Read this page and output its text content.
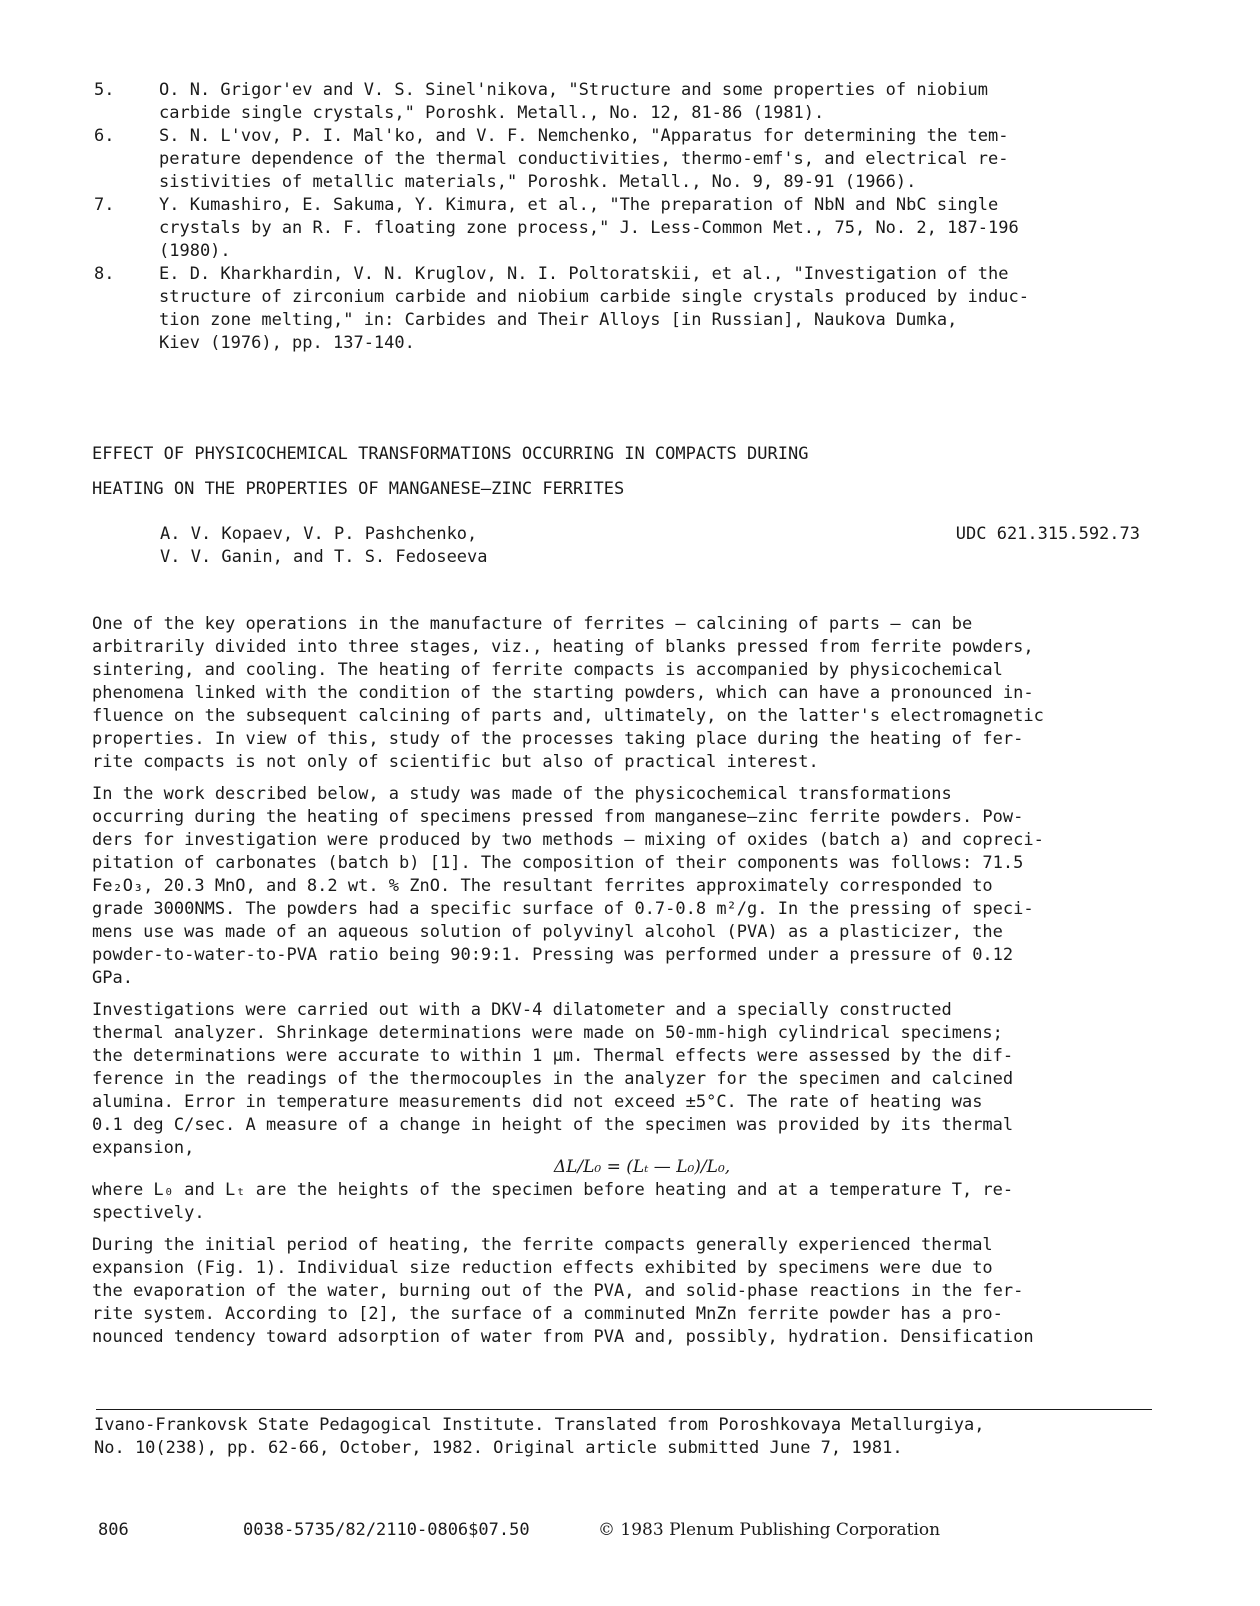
5.	O. N. Grigor'ev and V. S. Sinel'nikova, "Structure and some properties of niobium
carbide single crystals," Poroshk. Metall., No. 12, 81-86 (1981).
6.	S. N. L'vov, P. I. Mal'ko, and V. F. Nemchenko, "Apparatus for determining the tem-
perature dependence of the thermal conductivities, thermo-emf's, and electrical re-
sistivities of metallic materials," Poroshk. Metall., No. 9, 89-91 (1966).
7.	Y. Kumashiro, E. Sakuma, Y. Kimura, et al., "The preparation of NbN and NbC single
crystals by an R. F. floating zone process," J. Less-Common Met., 75, No. 2, 187-196
(1980).
8.	E. D. Kharkhardin, V. N. Kruglov, N. I. Poltoratskii, et al., "Investigation of the
structure of zirconium carbide and niobium carbide single crystals produced by induc-
tion zone melting," in: Carbides and Their Alloys [in Russian], Naukova Dumka,
Kiev (1976), pp. 137-140.
EFFECT OF PHYSICOCHEMICAL TRANSFORMATIONS OCCURRING IN COMPACTS DURING
HEATING ON THE PROPERTIES OF MANGANESE—ZINC FERRITES
A. V. Kopaev, V. P. Pashchenko,
V. V. Ganin, and T. S. Fedoseeva
UDC 621.315.592.73

One of the key operations in the manufacture of ferrites — calcining of parts — can be
arbitrarily divided into three stages, viz., heating of blanks pressed from ferrite powders,
sintering, and cooling. The heating of ferrite compacts is accompanied by physicochemical
phenomena linked with the condition of the starting powders, which can have a pronounced in-
fluence on the subsequent calcining of parts and, ultimately, on the latter's electromagnetic
properties. In view of this, study of the processes taking place during the heating of fer-
rite compacts is not only of scientific but also of practical interest.

In the work described below, a study was made of the physicochemical transformations
occurring during the heating of specimens pressed from manganese—zinc ferrite powders. Pow-
ders for investigation were produced by two methods — mixing of oxides (batch a) and copreci-
pitation of carbonates (batch b) [1]. The composition of their components was follows: 71.5
Fe₂O₃, 20.3 MnO, and 8.2 wt. % ZnO. The resultant ferrites approximately corresponded to
grade 3000NMS. The powders had a specific surface of 0.7-0.8 m²/g. In the pressing of speci-
mens use was made of an aqueous solution of polyvinyl alcohol (PVA) as a plasticizer, the
powder-to-water-to-PVA ratio being 90:9:1. Pressing was performed under a pressure of 0.12
GPa.

Investigations were carried out with a DKV-4 dilatometer and a specially constructed
thermal analyzer. Shrinkage determinations were made on 50-mm-high cylindrical specimens;
the determinations were accurate to within 1 μm. Thermal effects were assessed by the dif-
ference in the readings of the thermocouples in the analyzer for the specimen and calcined
alumina. Error in temperature measurements did not exceed ±5°C. The rate of heating was
0.1 deg C/sec. A measure of a change in height of the specimen was provided by its thermal
expansion,

ΔL/L₀ = (Lₜ — L₀)/L₀,

where L₀ and Lₜ are the heights of the specimen before heating and at a temperature T, re-
spectively.

During the initial period of heating, the ferrite compacts generally experienced thermal
expansion (Fig. 1). Individual size reduction effects exhibited by specimens were due to
the evaporation of the water, burning out of the PVA, and solid-phase reactions in the fer-
rite system. According to [2], the surface of a comminuted MnZn ferrite powder has a pro-
nounced tendency toward adsorption of water from PVA and, possibly, hydration. Densification

Ivano-Frankovsk State Pedagogical Institute. Translated from Poroshkovaya Metallurgiya,
No. 10(238), pp. 62-66, October, 1982. Original article submitted June 7, 1981.
806	0038-5735/82/2110-0806$07.50	© 1983 Plenum Publishing Corporation
